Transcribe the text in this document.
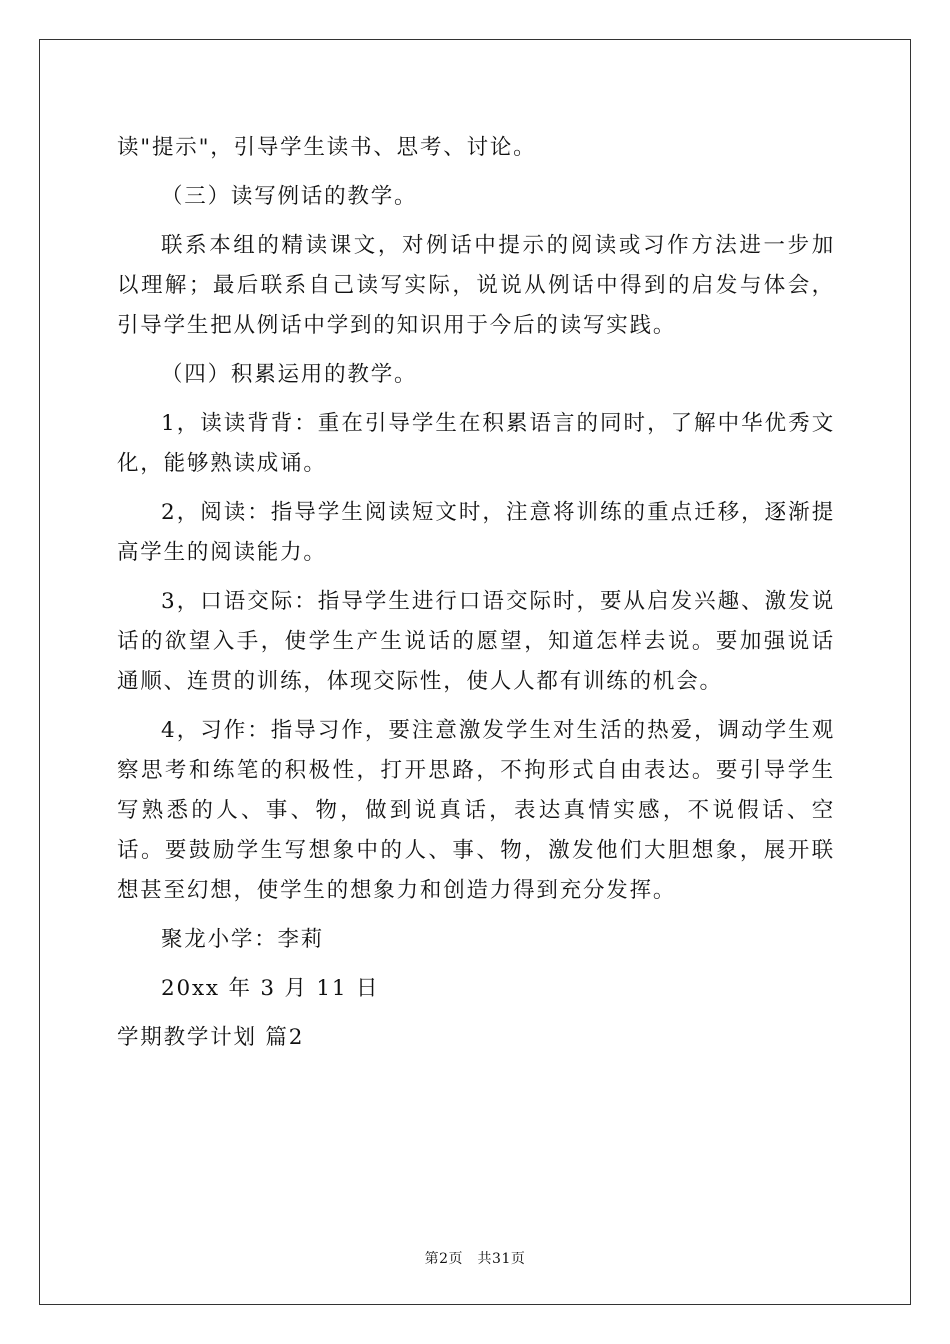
读"提示"，引导学生读书、思考、讨论。

（三）读写例话的教学。

联系本组的精读课文，对例话中提示的阅读或习作方法进一步加以理解；最后联系自己读写实际，说说从例话中得到的启发与体会，引导学生把从例话中学到的知识用于今后的读写实践。

（四）积累运用的教学。

1，读读背背：重在引导学生在积累语言的同时，了解中华优秀文化，能够熟读成诵。

2，阅读：指导学生阅读短文时，注意将训练的重点迁移，逐渐提高学生的阅读能力。

3，口语交际：指导学生进行口语交际时，要从启发兴趣、激发说话的欲望入手，使学生产生说话的愿望，知道怎样去说。要加强说话通顺、连贯的训练，体现交际性，使人人都有训练的机会。

4，习作：指导习作，要注意激发学生对生活的热爱，调动学生观察思考和练笔的积极性，打开思路，不拘形式自由表达。要引导学生写熟悉的人、事、物，做到说真话，表达真情实感，不说假话、空话。要鼓励学生写想象中的人、事、物，激发他们大胆想象，展开联想甚至幻想，使学生的想象力和创造力得到充分发挥。

聚龙小学：李莉

20xx 年 3 月 11 日

学期教学计划 篇2

第2页　共31页
